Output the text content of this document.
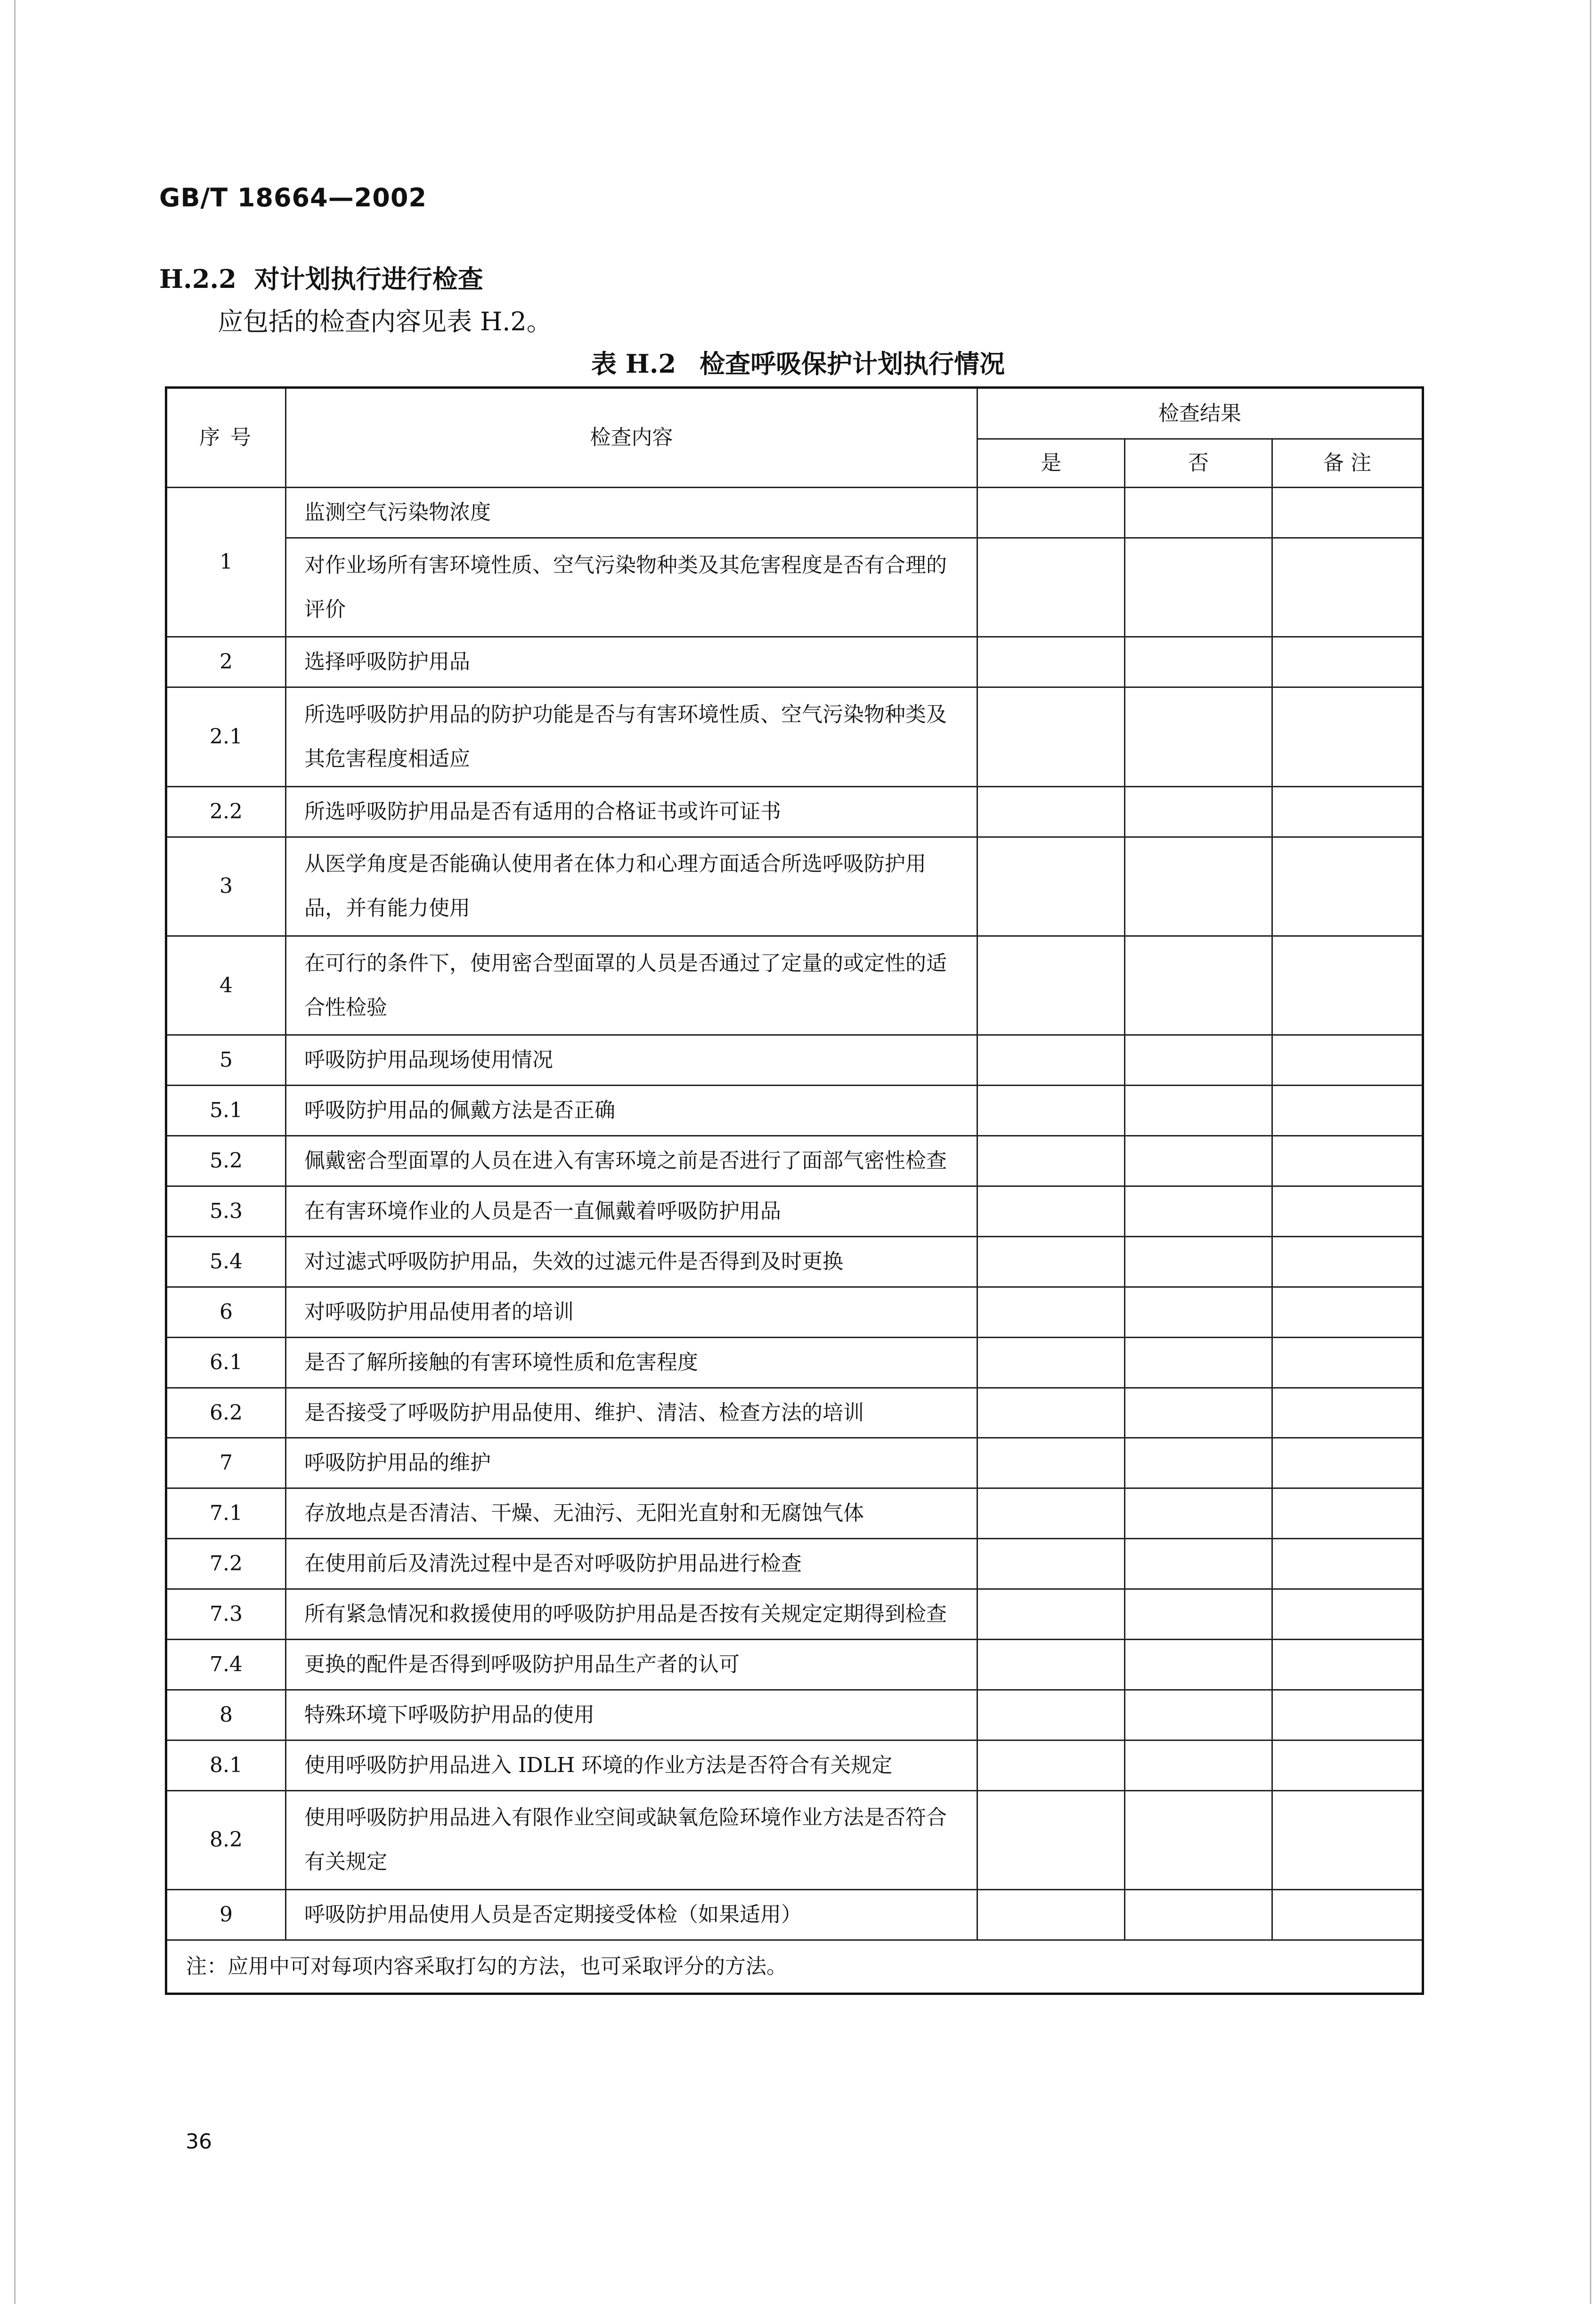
GB/T 18664—2002
H.2.2 对计划执行进行检查
应包括的检查内容见表 H.2。
表 H.2 检查呼吸保护计划执行情况
序 号	检查内容	检查结果		
		是	否	备 注
1	监测空气污染物浓度			
	对作业场所有害环境性质、空气污染物种类及其危害程度是否有合理的评价			
2	选择呼吸防护用品			
2.1	所选呼吸防护用品的防护功能是否与有害环境性质、空气污染物种类及其危害程度相适应			
2.2	所选呼吸防护用品是否有适用的合格证书或许可证书			
3	从医学角度是否能确认使用者在体力和心理方面适合所选呼吸防护用品，并有能力使用			
4	在可行的条件下，使用密合型面罩的人员是否通过了定量的或定性的适合性检验			
5	呼吸防护用品现场使用情况			
5.1	呼吸防护用品的佩戴方法是否正确			
5.2	佩戴密合型面罩的人员在进入有害环境之前是否进行了面部气密性检查			
5.3	在有害环境作业的人员是否一直佩戴着呼吸防护用品			
5.4	对过滤式呼吸防护用品，失效的过滤元件是否得到及时更换			
6	对呼吸防护用品使用者的培训			
6.1	是否了解所接触的有害环境性质和危害程度			
6.2	是否接受了呼吸防护用品使用、维护、清洁、检查方法的培训			
7	呼吸防护用品的维护			
7.1	存放地点是否清洁、干燥、无油污、无阳光直射和无腐蚀气体			
7.2	在使用前后及清洗过程中是否对呼吸防护用品进行检查			
7.3	所有紧急情况和救援使用的呼吸防护用品是否按有关规定定期得到检查			
7.4	更换的配件是否得到呼吸防护用品生产者的认可			
8	特殊环境下呼吸防护用品的使用			
8.1	使用呼吸防护用品进入 IDLH 环境的作业方法是否符合有关规定			
8.2	使用呼吸防护用品进入有限作业空间或缺氧危险环境作业方法是否符合有关规定			
9	呼吸防护用品使用人员是否定期接受体检（如果适用）			
注：应用中可对每项内容采取打勾的方法，也可采取评分的方法。				
36
